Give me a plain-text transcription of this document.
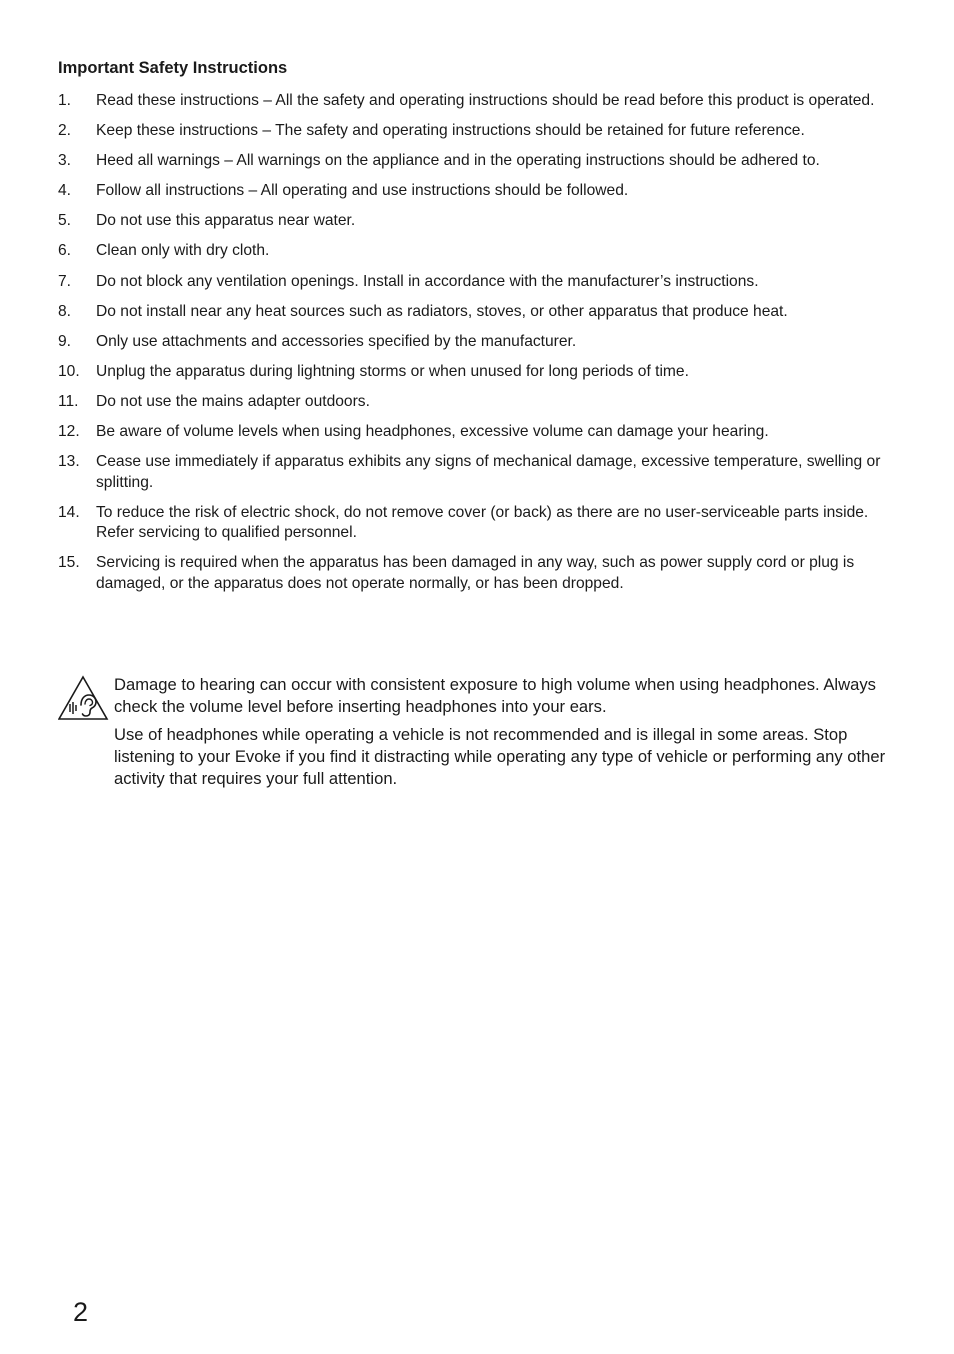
Important Safety Instructions
1.	Read these instructions – All the safety and operating instructions should be read before this product is operated.
2.	Keep these instructions – The safety and operating instructions should be retained for future reference.
3.	Heed all warnings – All warnings on the appliance and in the operating instructions should be adhered to.
4.	Follow all instructions – All operating and use instructions should be followed.
5.	Do not use this apparatus near water.
6.	Clean only with dry cloth.
7.	Do not block any ventilation openings. Install in accordance with the manufacturer’s instructions.
8.	Do not install near any heat sources such as radiators, stoves, or other apparatus that produce heat.
9.	Only use attachments and accessories specified by the manufacturer.
10.	Unplug the apparatus during lightning storms or when unused for long periods of time.
11.	Do not use the mains adapter outdoors.
12.	Be aware of volume levels when using headphones, excessive volume can damage your hearing.
13.	Cease use immediately if apparatus exhibits any signs of mechanical damage, excessive temperature, swelling or splitting.
14.	To reduce the risk of electric shock, do not remove cover (or back) as there are no user-serviceable parts inside. Refer servicing to qualified personnel.
15.	Servicing is required when the apparatus has been damaged in any way, such as power supply cord or plug is damaged, or the apparatus does not operate normally, or has been dropped.

Damage to hearing can occur with consistent exposure to high volume when using headphones. Always check the volume level before inserting headphones into your ears.

Use of headphones while operating a vehicle is not recommended and is illegal in some areas. Stop listening to your Evoke if you find it distracting while operating any type of vehicle or performing any other activity that requires your full attention.

2
